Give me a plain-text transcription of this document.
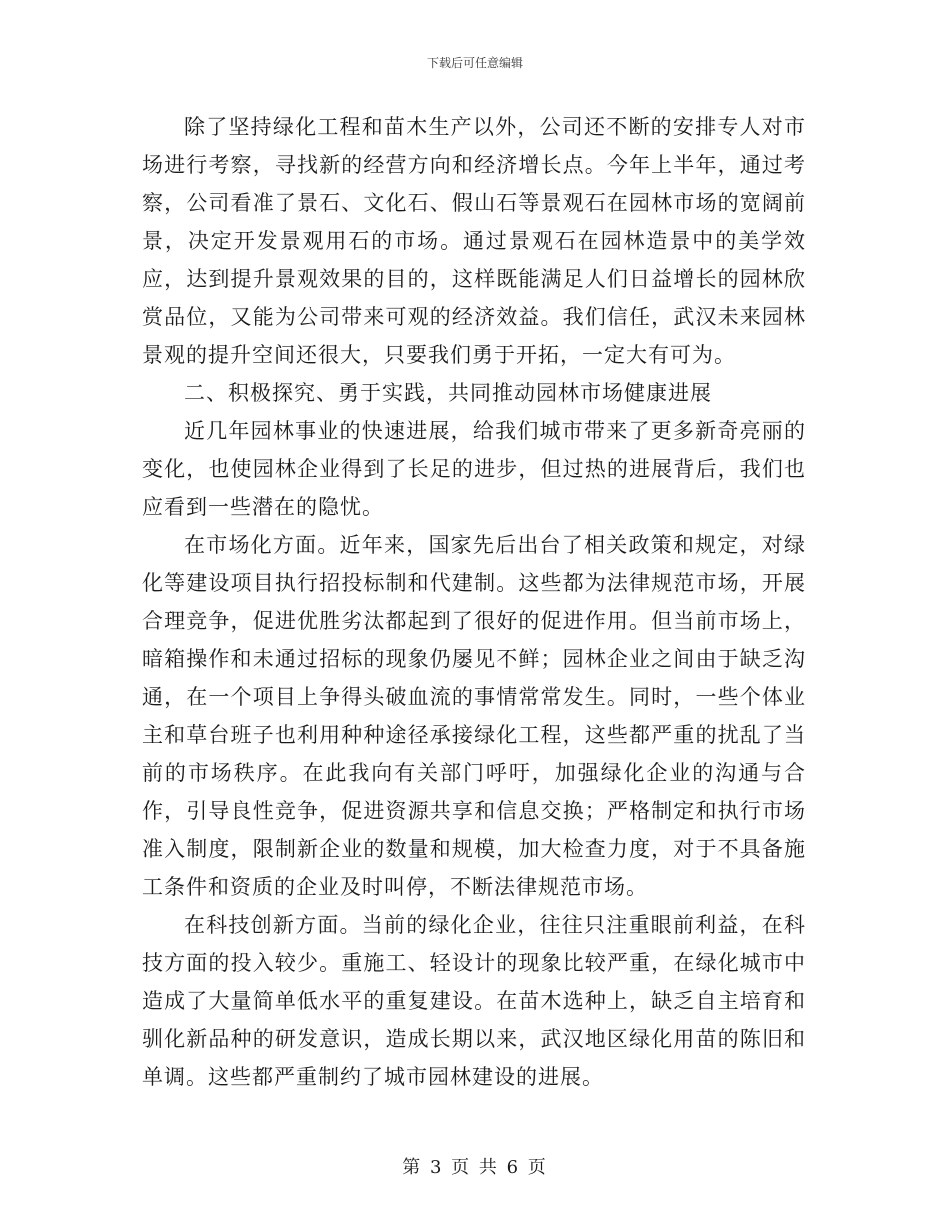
下载后可任意编辑

除了坚持绿化工程和苗木生产以外，公司还不断的安排专人对市场进行考察，寻找新的经营方向和经济增长点。今年上半年，通过考察，公司看准了景石、文化石、假山石等景观石在园林市场的宽阔前景，决定开发景观用石的市场。通过景观石在园林造景中的美学效应，达到提升景观效果的目的，这样既能满足人们日益增长的园林欣赏品位，又能为公司带来可观的经济效益。我们信任，武汉未来园林景观的提升空间还很大，只要我们勇于开拓，一定大有可为。

二、积极探究、勇于实践，共同推动园林市场健康进展

近几年园林事业的快速进展，给我们城市带来了更多新奇亮丽的变化，也使园林企业得到了长足的进步，但过热的进展背后，我们也应看到一些潜在的隐忧。

在市场化方面。近年来，国家先后出台了相关政策和规定，对绿化等建设项目执行招投标制和代建制。这些都为法律规范市场，开展合理竞争，促进优胜劣汰都起到了很好的促进作用。但当前市场上，暗箱操作和未通过招标的现象仍屡见不鲜；园林企业之间由于缺乏沟通，在一个项目上争得头破血流的事情常常发生。同时，一些个体业主和草台班子也利用种种途径承接绿化工程，这些都严重的扰乱了当前的市场秩序。在此我向有关部门呼吁，加强绿化企业的沟通与合作，引导良性竞争，促进资源共享和信息交换；严格制定和执行市场准入制度，限制新企业的数量和规模，加大检查力度，对于不具备施工条件和资质的企业及时叫停，不断法律规范市场。

在科技创新方面。当前的绿化企业，往往只注重眼前利益，在科技方面的投入较少。重施工、轻设计的现象比较严重，在绿化城市中造成了大量简单低水平的重复建设。在苗木选种上，缺乏自主培育和驯化新品种的研发意识，造成长期以来，武汉地区绿化用苗的陈旧和单调。这些都严重制约了城市园林建设的进展。

第 3 页 共 6 页
